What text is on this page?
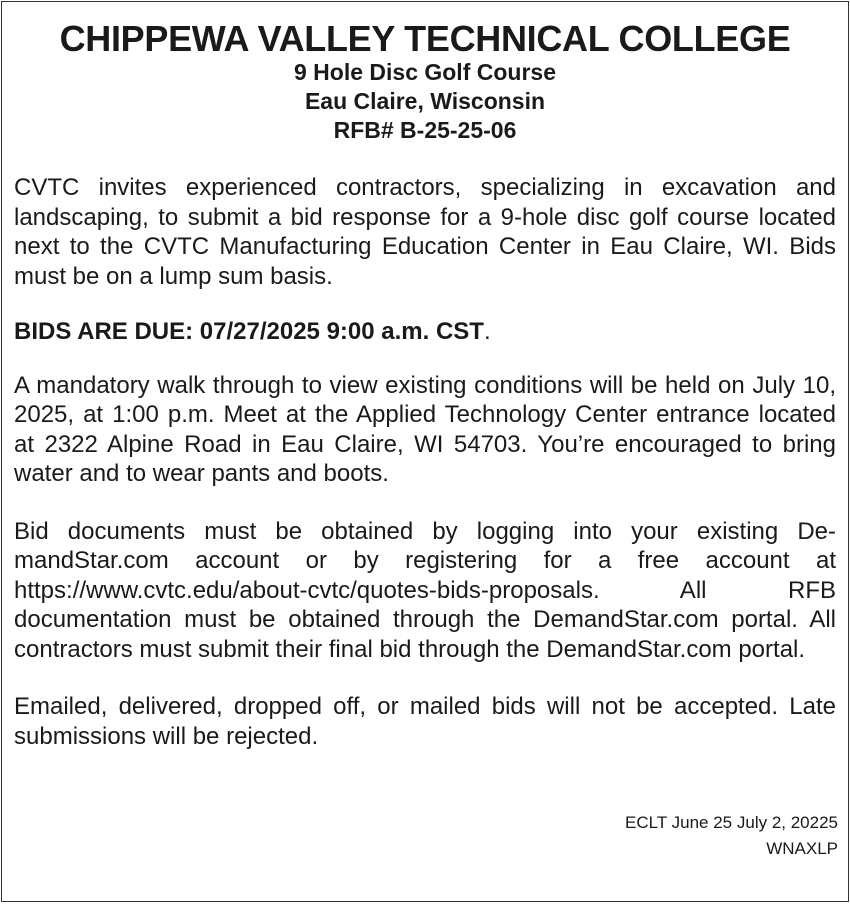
CHIPPEWA VALLEY TECHNICAL COLLEGE

9 Hole Disc Golf Course

Eau Claire, Wisconsin

RFB# B-25-25-06

CVTC invites experienced contractors, specializing in excavation and landscaping, to submit a bid response for a 9-hole disc golf course located next to the CVTC Manufacturing Education Center in Eau Claire, WI. Bids must be on a lump sum basis.

BIDS ARE DUE: 07/27/2025 9:00 a.m. CST.

A mandatory walk through to view existing conditions will be held on July 10, 2025, at 1:00 p.m. Meet at the Applied Technology Center entrance located at 2322 Alpine Road in Eau Claire, WI 54703. You’re encouraged to bring water and to wear pants and boots.

Bid documents must be obtained by logging into your existing DemandStar.com account or by registering for a free account at https://www.cvtc.edu/about-cvtc/quotes-bids-proposals. All RFB documentation must be obtained through the DemandStar.com portal. All contractors must submit their final bid through the DemandStar.com portal.

Emailed, delivered, dropped off, or mailed bids will not be accepted. Late submissions will be rejected.

ECLT June 25 July 2, 20225
WNAXLP
